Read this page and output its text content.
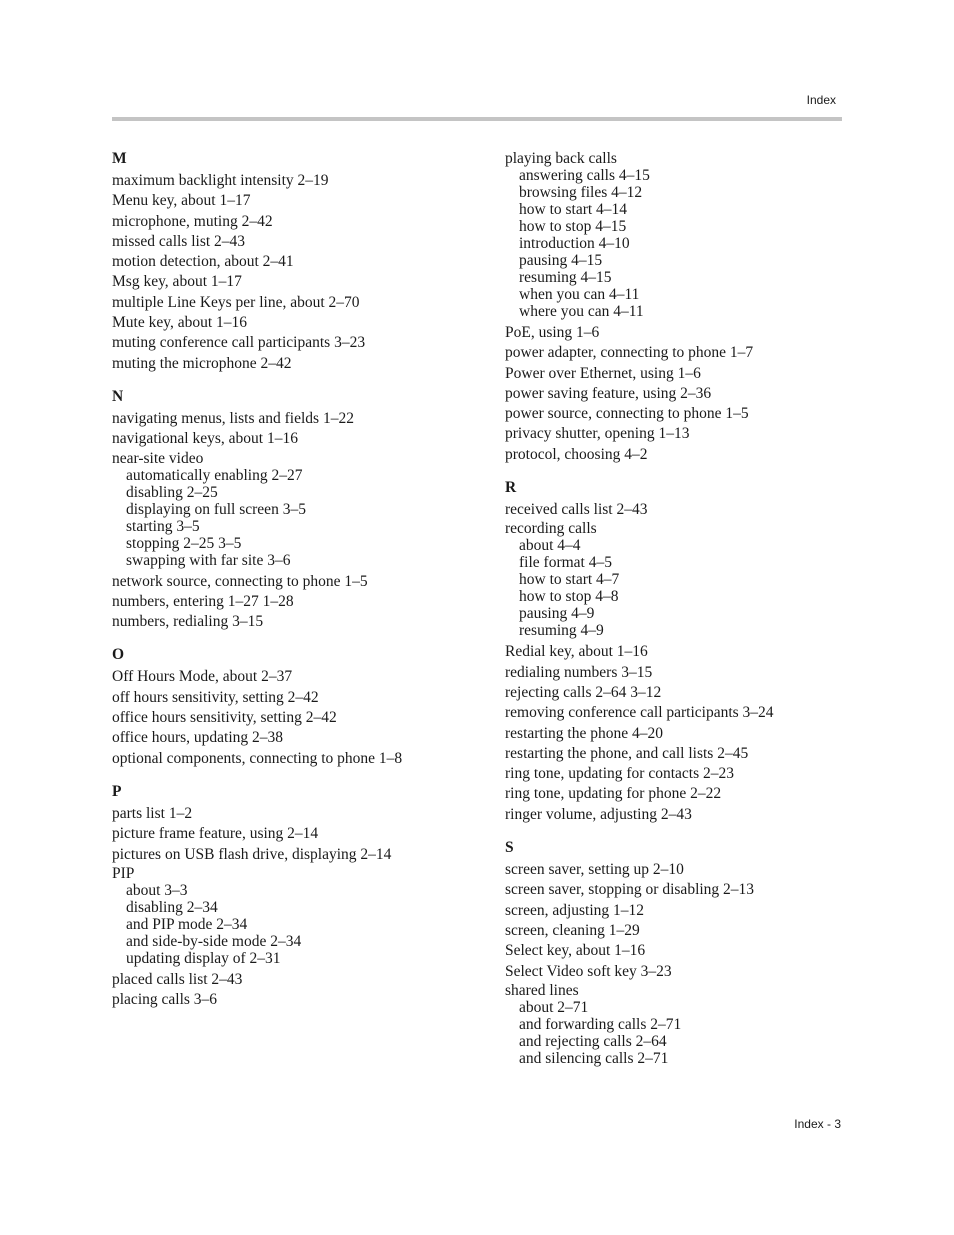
Index
M
maximum backlight intensity 2–19
Menu key, about 1–17
microphone, muting 2–42
missed calls list 2–43
motion detection, about 2–41
Msg key, about 1–17
multiple Line Keys per line, about 2–70
Mute key, about 1–16
muting conference call participants 3–23
muting the microphone 2–42
N
navigating menus, lists and fields 1–22
navigational keys, about 1–16
near-site video
automatically enabling 2–27
disabling 2–25
displaying on full screen 3–5
starting 3–5
stopping 2–25 3–5
swapping with far site 3–6
network source, connecting to phone 1–5
numbers, entering 1–27 1–28
numbers, redialing 3–15
O
Off Hours Mode, about 2–37
off hours sensitivity, setting 2–42
office hours sensitivity, setting 2–42
office hours, updating 2–38
optional components, connecting to phone 1–8
P
parts list 1–2
picture frame feature, using 2–14
pictures on USB flash drive, displaying 2–14
PIP
about 3–3
disabling 2–34
and PIP mode 2–34
and side-by-side mode 2–34
updating display of 2–31
placed calls list 2–43
placing calls 3–6
playing back calls
answering calls 4–15
browsing files 4–12
how to start 4–14
how to stop 4–15
introduction 4–10
pausing 4–15
resuming 4–15
when you can 4–11
where you can 4–11
PoE, using 1–6
power adapter, connecting to phone 1–7
Power over Ethernet, using 1–6
power saving feature, using 2–36
power source, connecting to phone 1–5
privacy shutter, opening 1–13
protocol, choosing 4–2
R
received calls list 2–43
recording calls
about 4–4
file format 4–5
how to start 4–7
how to stop 4–8
pausing 4–9
resuming 4–9
Redial key, about 1–16
redialing numbers 3–15
rejecting calls 2–64 3–12
removing conference call participants 3–24
restarting the phone 4–20
restarting the phone, and call lists 2–45
ring tone, updating for contacts 2–23
ring tone, updating for phone 2–22
ringer volume, adjusting 2–43
S
screen saver, setting up 2–10
screen saver, stopping or disabling 2–13
screen, adjusting 1–12
screen, cleaning 1–29
Select key, about 1–16
Select Video soft key 3–23
shared lines
about 2–71
and forwarding calls 2–71
and rejecting calls 2–64
and silencing calls 2–71
Index - 3
